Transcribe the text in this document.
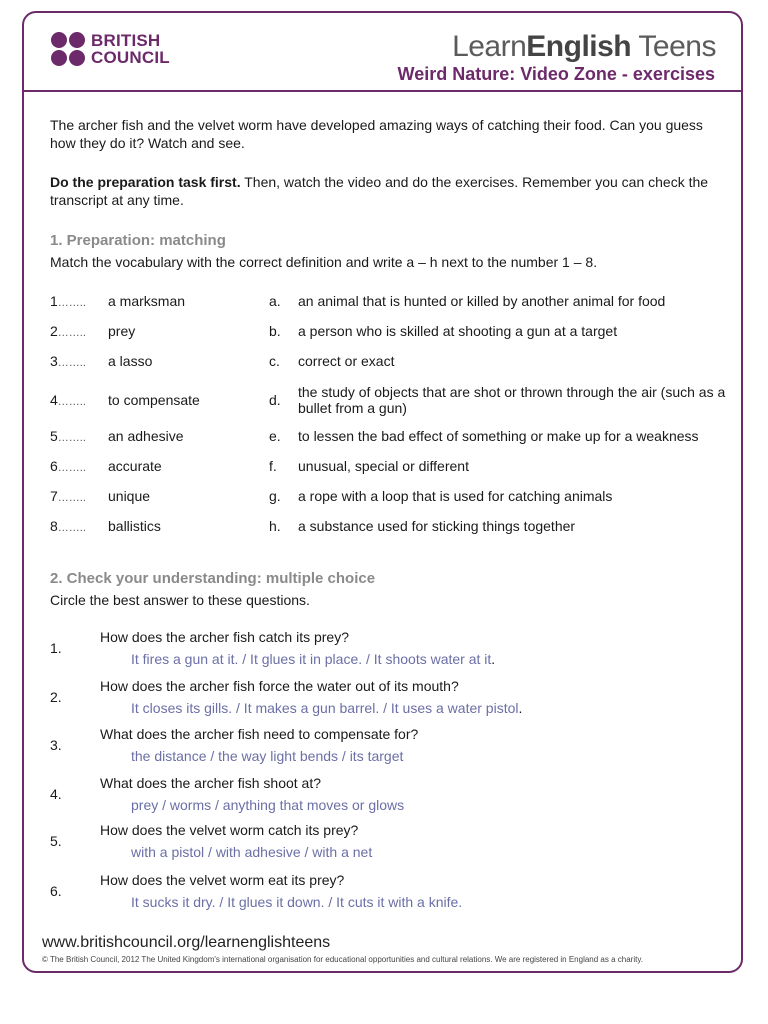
BRITISH
COUNCIL	LearnEnglish Teens
Weird Nature: Video Zone - exercises
The archer fish and the velvet worm have developed amazing ways of catching their food. Can you guess how they do it? Watch and see.
Do the preparation task first. Then, watch the video and do the exercises. Remember you can check the transcript at any time.
1. Preparation: matching
Match the vocabulary with the correct definition and write a – h next to the number 1 – 8.
1…….. a marksman	a. an animal that is hunted or killed by another animal for food
2…….. prey	b. a person who is skilled at shooting a gun at a target
3…….. a lasso	c. correct or exact
4…….. to compensate	d. the study of objects that are shot or thrown through the air (such as a bullet from a gun)
5…….. an adhesive	e. to lessen the bad effect of something or make up for a weakness
6…….. accurate	f. unusual, special or different
7…….. unique	g. a rope with a loop that is used for catching animals
8…….. ballistics	h. a substance used for sticking things together
2. Check your understanding: multiple choice
Circle the best answer to these questions.
1.
How does the archer fish catch its prey?
It fires a gun at it. / It glues it in place. / It shoots water at it.
2.
How does the archer fish force the water out of its mouth?
It closes its gills. / It makes a gun barrel. / It uses a water pistol.
3.
What does the archer fish need to compensate for?
the distance / the way light bends / its target
4.
What does the archer fish shoot at?
prey / worms / anything that moves or glows
5.
How does the velvet worm catch its prey?
with a pistol / with adhesive / with a net
6.
How does the velvet worm eat its prey?
It sucks it dry. / It glues it down. / It cuts it with a knife.
www.britishcouncil.org/learnenglishteens
© The British Council, 2012 The United Kingdom's international organisation for educational opportunities and cultural relations. We are registered in England as a charity.
